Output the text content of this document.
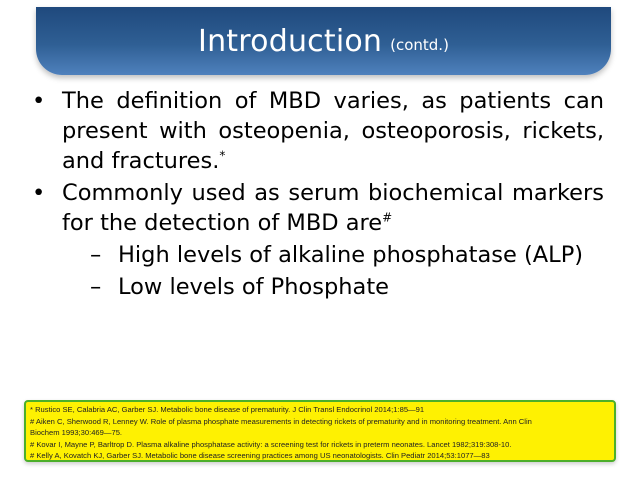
Introduction (contd.)
• The definition of MBD varies, as patients can present with osteopenia, osteoporosis, rickets, and fractures.*
• Commonly used as serum biochemical markers for the detection of MBD are#
– High levels of alkaline phosphatase (ALP)
– Low levels of Phosphate
* Rustico SE, Calabria AC, Garber SJ. Metabolic bone disease of prematurity. J Clin Transl Endocrinol 2014;1:85—91
# Aiken C, Sherwood R, Lenney W. Role of plasma phosphate measurements in detecting rickets of prematurity and in monitoring treatment. Ann Clin
Biochem 1993;30:469—75.
# Kovar I, Mayne P, Barltrop D. Plasma alkaline phosphatase activity: a screening test for rickets in preterm neonates. Lancet 1982;319:308-10.
# Kelly A, Kovatch KJ, Garber SJ. Metabolic bone disease screening practices among US neonatologists. Clin Pediatr 2014;53:1077—83
